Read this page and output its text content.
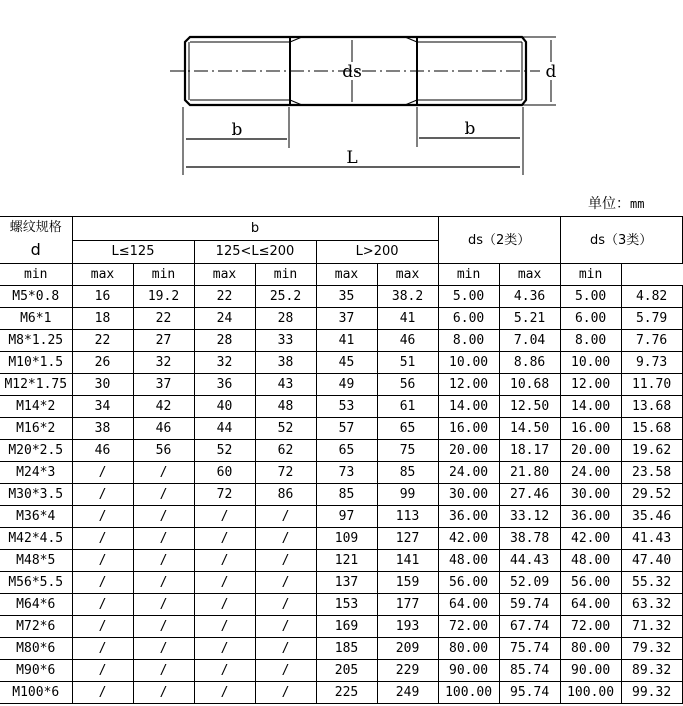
ds	d
b	b
L
单位：mm
螺纹规格
d	b						ds（2类）		ds（3类）	
	L≤125		125<L≤200		L>200					
min	max	min	max	min	max	max	min	max	min	
M5*0.8	16	19.2	22	25.2	35	38.2	5.00	4.36	5.00	4.82
M6*1	18	22	24	28	37	41	6.00	5.21	6.00	5.79
M8*1.25	22	27	28	33	41	46	8.00	7.04	8.00	7.76
M10*1.5	26	32	32	38	45	51	10.00	8.86	10.00	9.73
M12*1.75	30	37	36	43	49	56	12.00	10.68	12.00	11.70
M14*2	34	42	40	48	53	61	14.00	12.50	14.00	13.68
M16*2	38	46	44	52	57	65	16.00	14.50	16.00	15.68
M20*2.5	46	56	52	62	65	75	20.00	18.17	20.00	19.62
M24*3	/	/	60	72	73	85	24.00	21.80	24.00	23.58
M30*3.5	/	/	72	86	85	99	30.00	27.46	30.00	29.52
M36*4	/	/	/	/	97	113	36.00	33.12	36.00	35.46
M42*4.5	/	/	/	/	109	127	42.00	38.78	42.00	41.43
M48*5	/	/	/	/	121	141	48.00	44.43	48.00	47.40
M56*5.5	/	/	/	/	137	159	56.00	52.09	56.00	55.32
M64*6	/	/	/	/	153	177	64.00	59.74	64.00	63.32
M72*6	/	/	/	/	169	193	72.00	67.74	72.00	71.32
M80*6	/	/	/	/	185	209	80.00	75.74	80.00	79.32
M90*6	/	/	/	/	205	229	90.00	85.74	90.00	89.32
M100*6	/	/	/	/	225	249	100.00	95.74	100.00	99.32
